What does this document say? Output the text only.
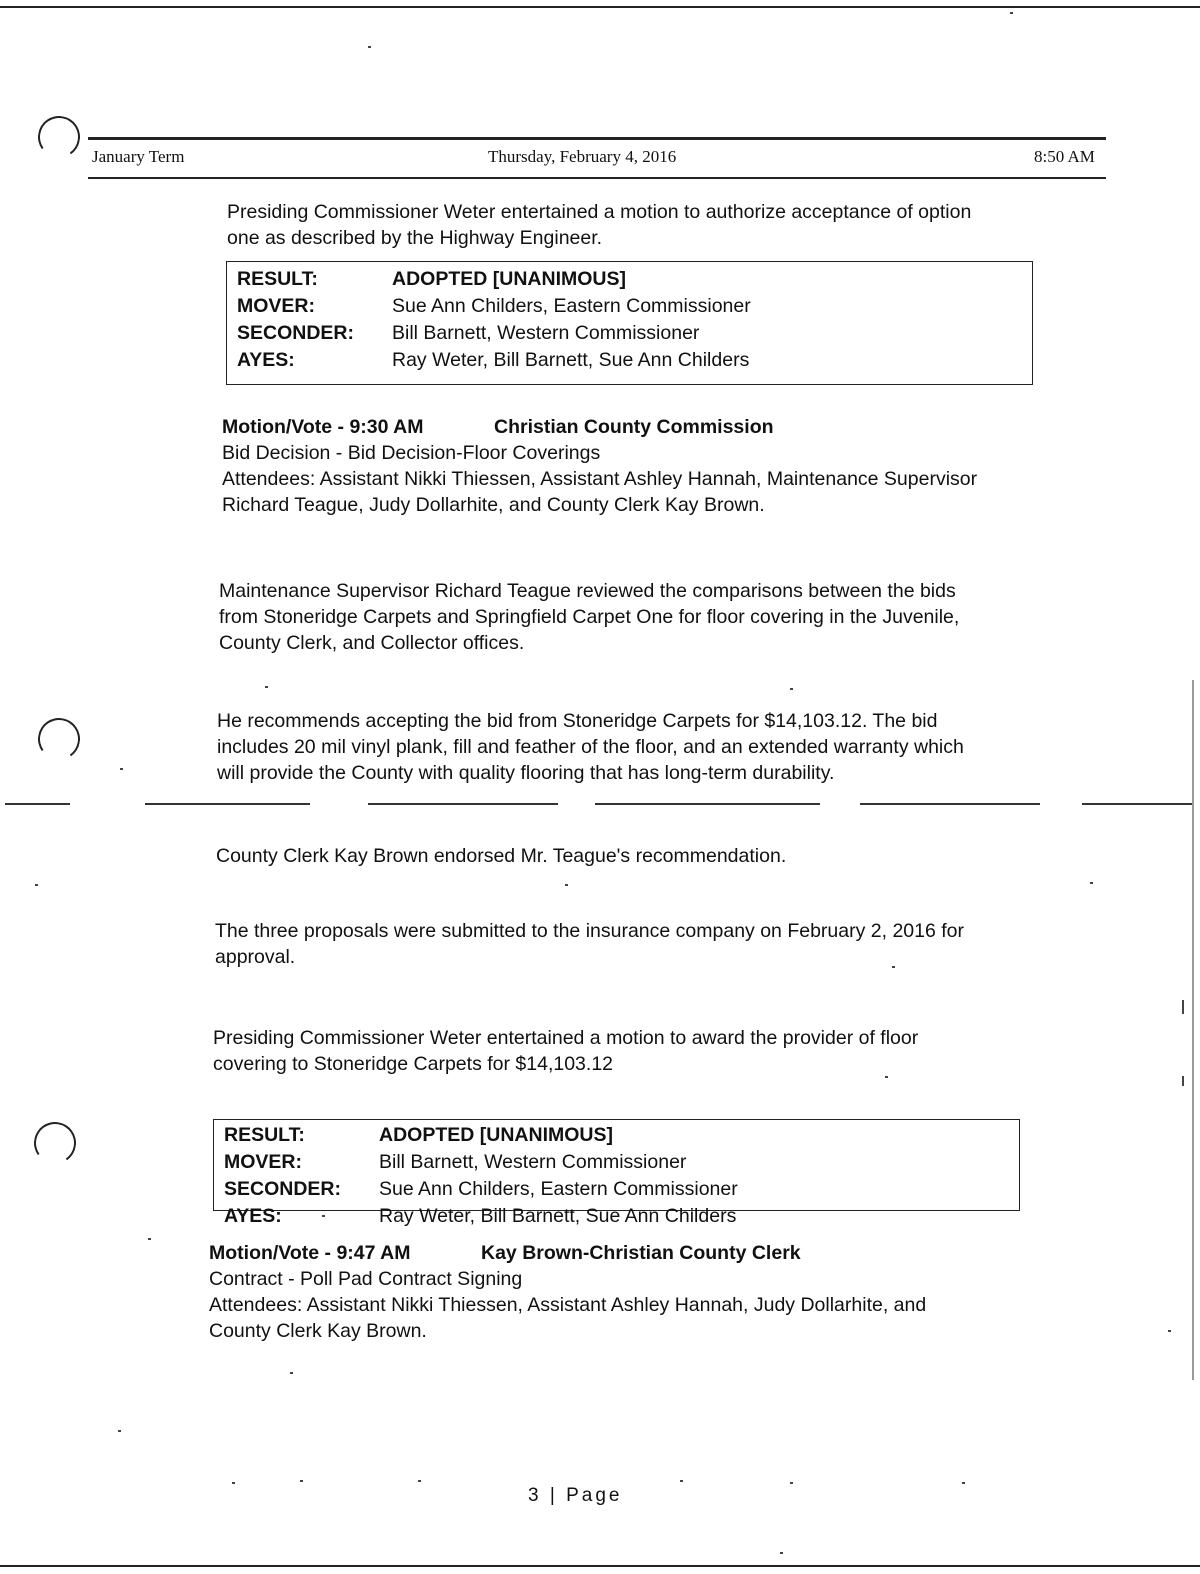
January Term	Thursday, February 4, 2016	8:50 AM
Presiding Commissioner Weter entertained a motion to authorize acceptance of option
one as described by the Highway Engineer.
RESULT:	ADOPTED [UNANIMOUS]
MOVER:	Sue Ann Childers, Eastern Commissioner
SECONDER:	Bill Barnett, Western Commissioner
AYES:	Ray Weter, Bill Barnett, Sue Ann Childers
Motion/Vote - 9:30 AM	Christian County Commission
Bid Decision - Bid Decision-Floor Coverings
Attendees: Assistant Nikki Thiessen, Assistant Ashley Hannah, Maintenance Supervisor
Richard Teague, Judy Dollarhite, and County Clerk Kay Brown.
Maintenance Supervisor Richard Teague reviewed the comparisons between the bids
from Stoneridge Carpets and Springfield Carpet One for floor covering in the Juvenile,
County Clerk, and Collector offices.
He recommends accepting the bid from Stoneridge Carpets for $14,103.12. The bid
includes 20 mil vinyl plank, fill and feather of the floor, and an extended warranty which
will provide the County with quality flooring that has long-term durability.
County Clerk Kay Brown endorsed Mr. Teague's recommendation.
The three proposals were submitted to the insurance company on February 2, 2016 for
approval.
Presiding Commissioner Weter entertained a motion to award the provider of floor
covering to Stoneridge Carpets for $14,103.12
RESULT:	ADOPTED [UNANIMOUS]
MOVER:	Bill Barnett, Western Commissioner
SECONDER:	Sue Ann Childers, Eastern Commissioner
AYES:	Ray Weter, Bill Barnett, Sue Ann Childers
Motion/Vote - 9:47 AM	Kay Brown-Christian County Clerk
Contract - Poll Pad Contract Signing
Attendees: Assistant Nikki Thiessen, Assistant Ashley Hannah, Judy Dollarhite, and
County Clerk Kay Brown.
3 | Page
